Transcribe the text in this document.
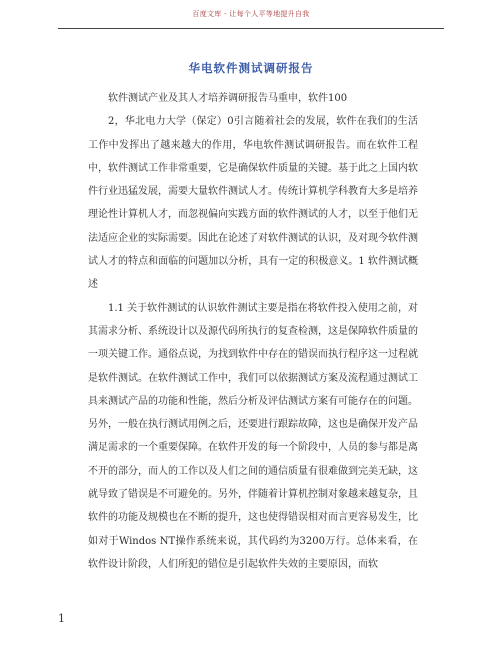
百度文库 - 让每个人平等地提升自我
华电软件测试调研报告

软件测试产业及其人才培养调研报告马重申，软件100

2，华北电力大学（保定）0引言随着社会的发展，软件在我们的生活工作中发挥出了越来越大的作用，华电软件测试调研报告。而在软件工程中，软件测试工作非常重要，它是确保软件质量的关键。基于此之上国内软件行业迅猛发展，需要大量软件测试人才。传统计算机学科教育大多是培养理论性计算机人才，而忽视偏向实践方面的软件测试的人才，以至于他们无法适应企业的实际需要。因此在论述了对软件测试的认识，及对现今软件测试人才的特点和面临的问题加以分析，具有一定的积极意义。1 软件测试概述

1.1 关于软件测试的认识软件测试主要是指在将软件投入使用之前，对其需求分析、系统设计以及源代码所执行的复查检测，这是保障软件质量的一项关键工作。通俗点说，为找到软件中存在的错误而执行程序这一过程就是软件测试。在软件测试工作中，我们可以依据测试方案及流程通过测试工具来测试产品的功能和性能，然后分析及评估测试方案有可能存在的问题。另外，一般在执行测试用例之后，还要进行跟踪故障，这也是确保开发产品满足需求的一个重要保障。在软件开发的每一个阶段中，人员的参与都是离不开的部分，而人的工作以及人们之间的通信质量有很难做到完美无缺，这就导致了错误是不可避免的。另外，伴随着计算机控制对象越来越复杂，且软件的功能及规模也在不断的提升，这也使得错误相对而言更容易发生，比如对于Windos NT操作系统来说，其代码约为3200万行。总体来看，在软件设计阶段，人们所犯的错位是引起软件失效的主要原因，而软

1
